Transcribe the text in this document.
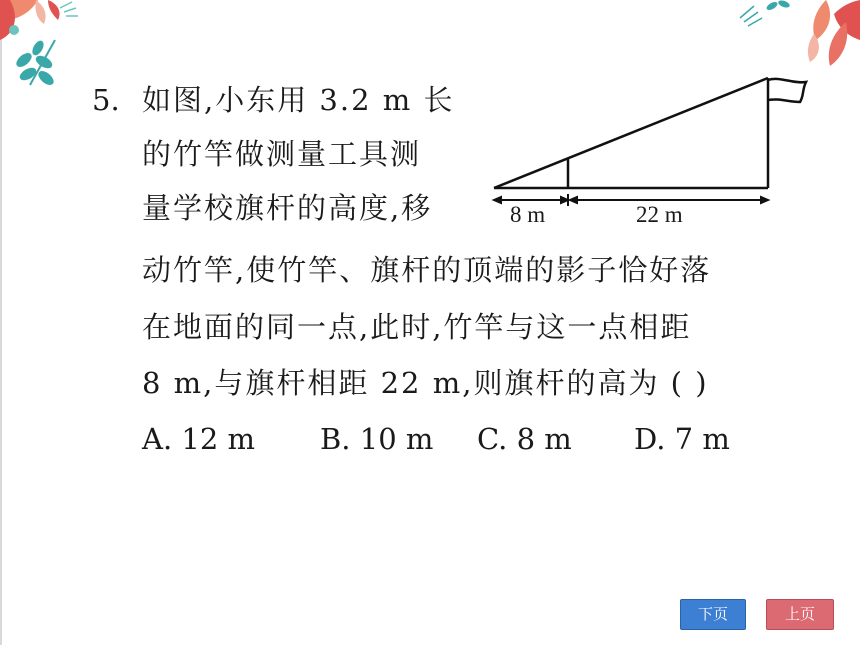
5. 如图,小东用 3.2 m 长
的竹竿做测量工具测
量学校旗杆的高度,移
动竹竿,使竹竿、旗杆的顶端的影子恰好落
在地面的同一点,此时,竹竿与这一点相距
8 m,与旗杆相距 22 m,则旗杆的高为 ( )
A. 12 m B. 10 m C. 8 m D. 7 m
8 m	22 m
下页	上页
